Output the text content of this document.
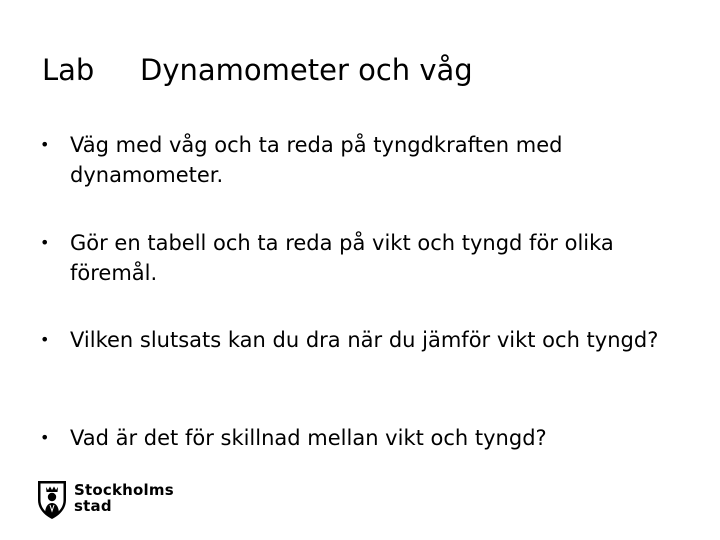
Lab Dynamometer och våg
• Väg med våg och ta reda på tyngdkraften med dynamometer.
• Gör en tabell och ta reda på vikt och tyngd för olika föremål.
• Vilken slutsats kan du dra när du jämför vikt och tyngd?
• Vad är det för skillnad mellan vikt och tyngd?
Stockholms
stad
